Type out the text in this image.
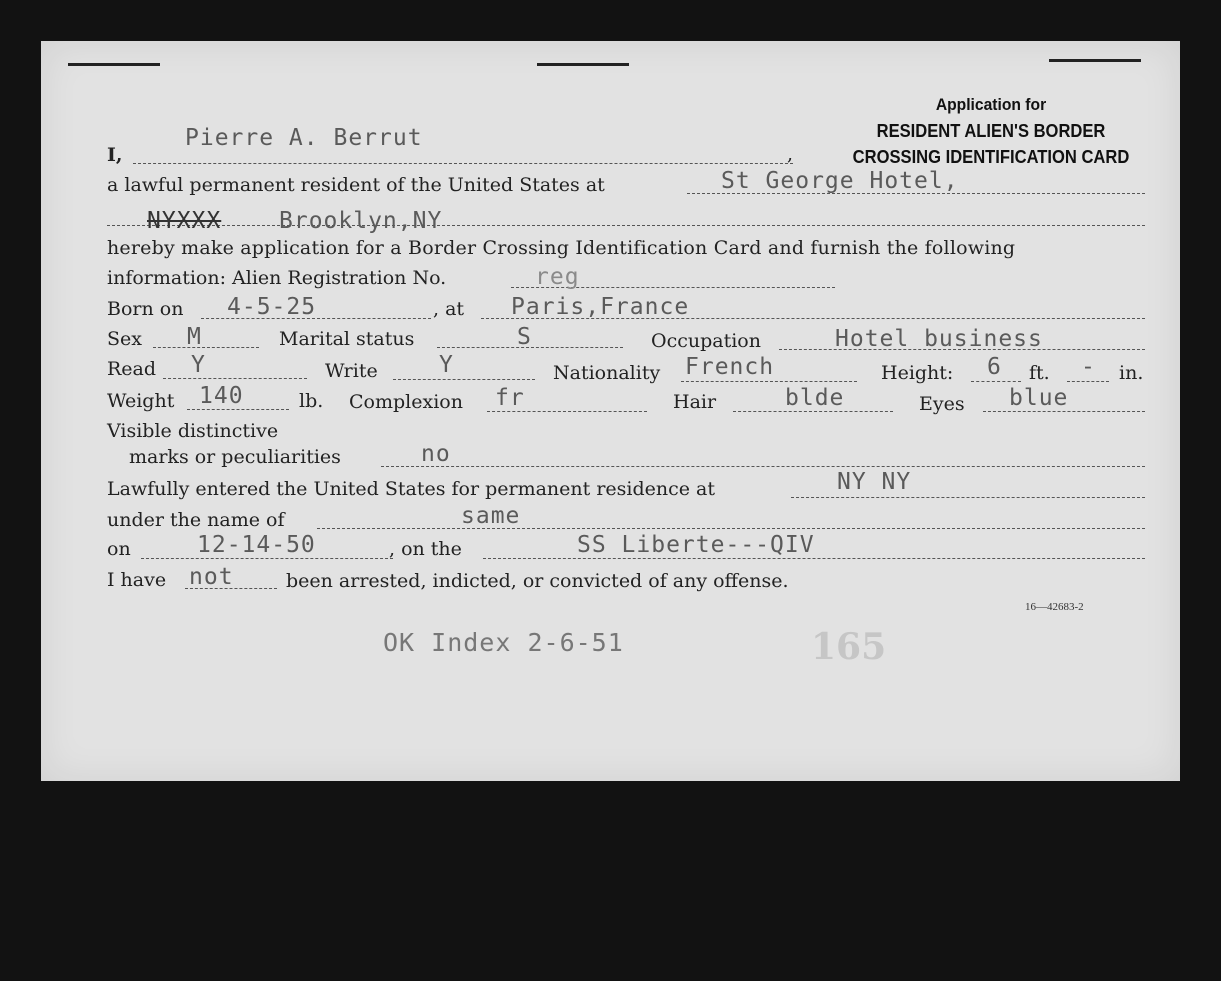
Application for
RESIDENT ALIEN'S BORDER
CROSSING IDENTIFICATION CARD
I,
Pierre A. Berrut
,
a lawful permanent resident of the United States at	St George Hotel,
NYXXX	Brooklyn,NY
hereby make application for a Border Crossing Identification Card and furnish the following
information: Alien Registration No.	reg
Born on 4-5-25	, at Paris,France
Sex M	Marital status	S	Occupation	Hotel business
Read Y	Write	Y	Nationality French	Height: 6 ft. - in.
Weight 140	lb. Complexion fr	Hair	blde	Eyes blue
Visible distinctive
marks or peculiarities	no
Lawfully entered the United States for permanent residence at	NY NY
under the name of	same
on	12-14-50	, on the	SS Liberte---QIV
I have not	been arrested, indicted, or convicted of any offense.
16—42683-2
OK Index 2-6-51	165
